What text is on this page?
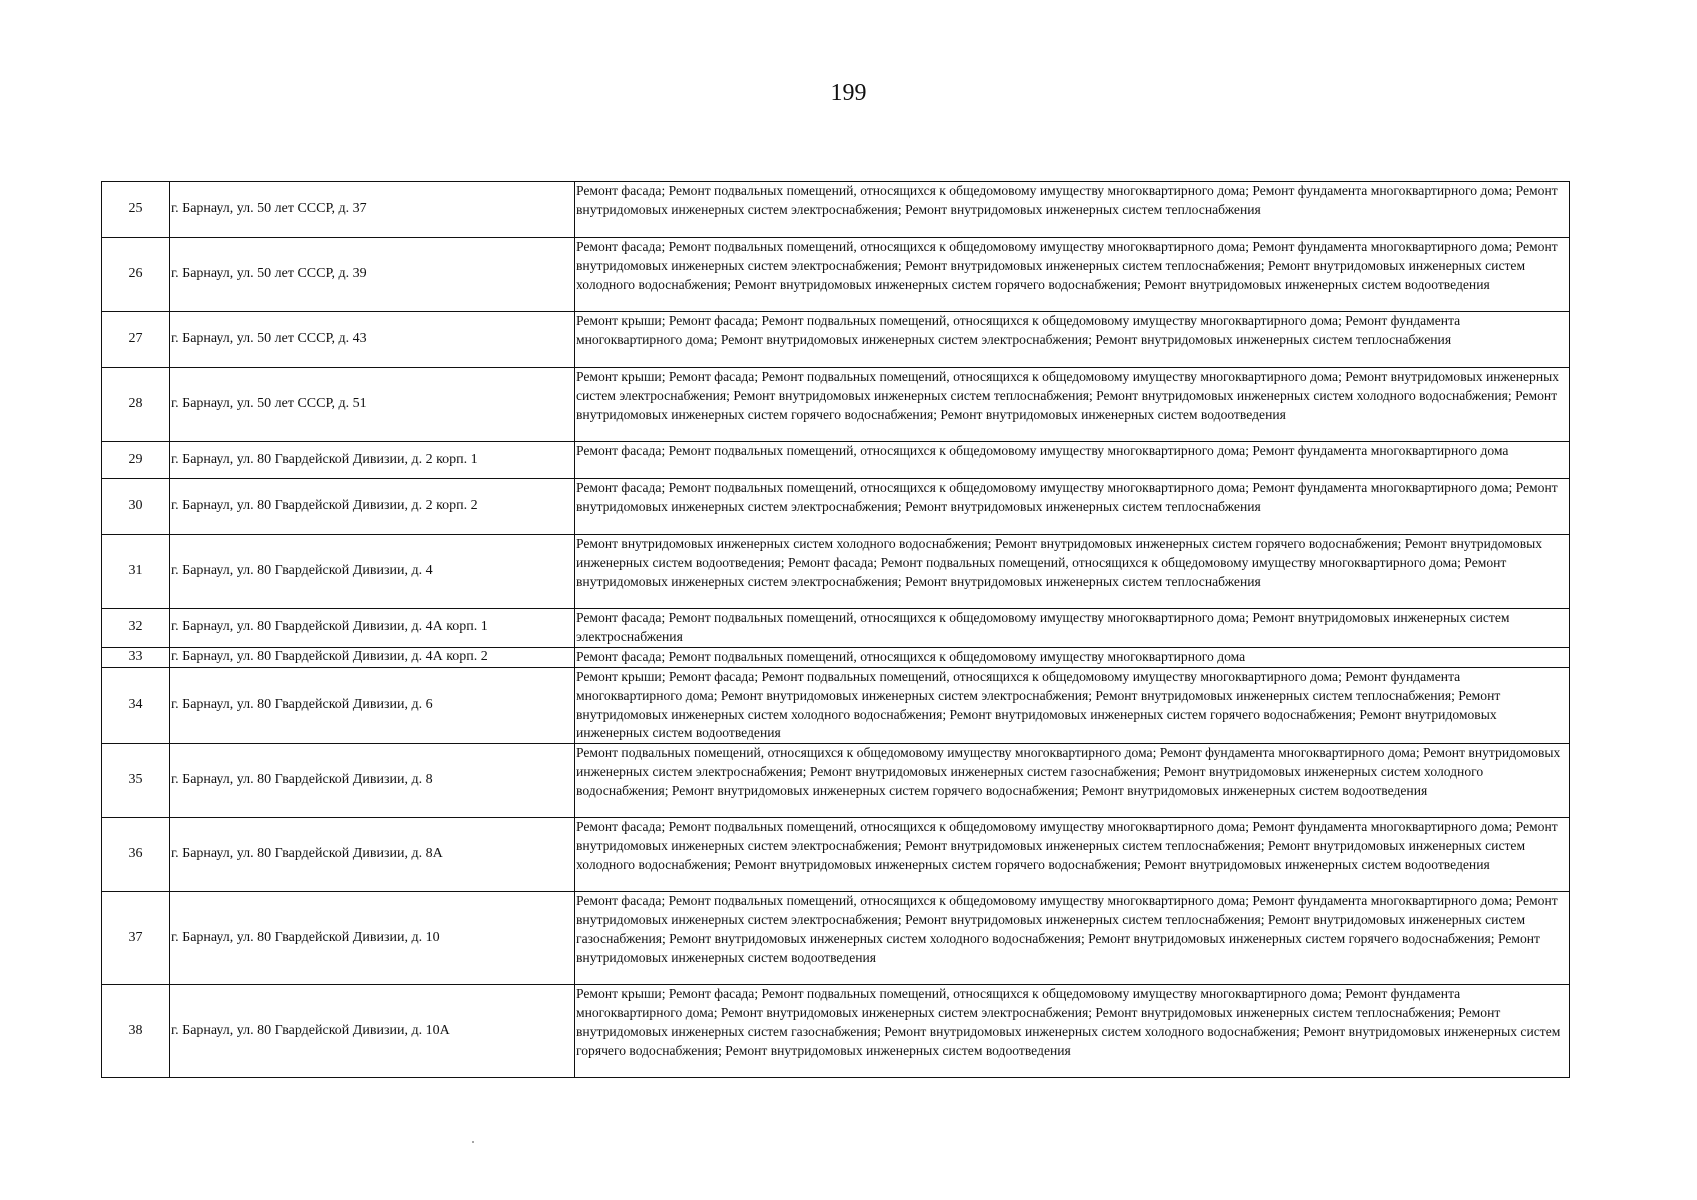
199
25	г. Барнаул, ул. 50 лет СССР, д. 37	Ремонт фасада; Ремонт подвальных помещений, относящихся к общедомовому имуществу многоквартирного дома; Ремонт фундамента многоквартирного дома; Ремонт внутридомовых инженерных систем электроснабжения; Ремонт внутридомовых инженерных систем теплоснабжения
26	г. Барнаул, ул. 50 лет СССР, д. 39	Ремонт фасада; Ремонт подвальных помещений, относящихся к общедомовому имуществу многоквартирного дома; Ремонт фундамента многоквартирного дома; Ремонт внутридомовых инженерных систем электроснабжения; Ремонт внутридомовых инженерных систем теплоснабжения; Ремонт внутридомовых инженерных систем холодного водоснабжения; Ремонт внутридомовых инженерных систем горячего водоснабжения; Ремонт внутридомовых инженерных систем водоотведения
27	г. Барнаул, ул. 50 лет СССР, д. 43	Ремонт крыши; Ремонт фасада; Ремонт подвальных помещений, относящихся к общедомовому имуществу многоквартирного дома; Ремонт фундамента многоквартирного дома; Ремонт внутридомовых инженерных систем электроснабжения; Ремонт внутридомовых инженерных систем теплоснабжения
28	г. Барнаул, ул. 50 лет СССР, д. 51	Ремонт крыши; Ремонт фасада; Ремонт подвальных помещений, относящихся к общедомовому имуществу многоквартирного дома; Ремонт внутридомовых инженерных систем электроснабжения; Ремонт внутридомовых инженерных систем теплоснабжения; Ремонт внутридомовых инженерных систем холодного водоснабжения; Ремонт внутридомовых инженерных систем горячего водоснабжения; Ремонт внутридомовых инженерных систем водоотведения
29	г. Барнаул, ул. 80 Гвардейской Дивизии, д. 2 корп. 1	Ремонт фасада; Ремонт подвальных помещений, относящихся к общедомовому имуществу многоквартирного дома; Ремонт фундамента многоквартирного дома
30	г. Барнаул, ул. 80 Гвардейской Дивизии, д. 2 корп. 2	Ремонт фасада; Ремонт подвальных помещений, относящихся к общедомовому имуществу многоквартирного дома; Ремонт фундамента многоквартирного дома; Ремонт внутридомовых инженерных систем электроснабжения; Ремонт внутридомовых инженерных систем теплоснабжения
31	г. Барнаул, ул. 80 Гвардейской Дивизии, д. 4	Ремонт внутридомовых инженерных систем холодного водоснабжения; Ремонт внутридомовых инженерных систем горячего водоснабжения; Ремонт внутридомовых инженерных систем водоотведения; Ремонт фасада; Ремонт подвальных помещений, относящихся к общедомовому имуществу многоквартирного дома; Ремонт внутридомовых инженерных систем электроснабжения; Ремонт внутридомовых инженерных систем теплоснабжения
32	г. Барнаул, ул. 80 Гвардейской Дивизии, д. 4А корп. 1	Ремонт фасада; Ремонт подвальных помещений, относящихся к общедомовому имуществу многоквартирного дома; Ремонт внутридомовых инженерных систем электроснабжения
33	г. Барнаул, ул. 80 Гвардейской Дивизии, д. 4А корп. 2	Ремонт фасада; Ремонт подвальных помещений, относящихся к общедомовому имуществу многоквартирного дома
34	г. Барнаул, ул. 80 Гвардейской Дивизии, д. 6	Ремонт крыши; Ремонт фасада; Ремонт подвальных помещений, относящихся к общедомовому имуществу многоквартирного дома; Ремонт фундамента многоквартирного дома; Ремонт внутридомовых инженерных систем электроснабжения; Ремонт внутридомовых инженерных систем теплоснабжения; Ремонт внутридомовых инженерных систем холодного водоснабжения; Ремонт внутридомовых инженерных систем горячего водоснабжения; Ремонт внутридомовых инженерных систем водоотведения
35	г. Барнаул, ул. 80 Гвардейской Дивизии, д. 8	Ремонт подвальных помещений, относящихся к общедомовому имуществу многоквартирного дома; Ремонт фундамента многоквартирного дома; Ремонт внутридомовых инженерных систем электроснабжения; Ремонт внутридомовых инженерных систем газоснабжения; Ремонт внутридомовых инженерных систем холодного водоснабжения; Ремонт внутридомовых инженерных систем горячего водоснабжения; Ремонт внутридомовых инженерных систем водоотведения
36	г. Барнаул, ул. 80 Гвардейской Дивизии, д. 8А	Ремонт фасада; Ремонт подвальных помещений, относящихся к общедомовому имуществу многоквартирного дома; Ремонт фундамента многоквартирного дома; Ремонт внутридомовых инженерных систем электроснабжения; Ремонт внутридомовых инженерных систем теплоснабжения; Ремонт внутридомовых инженерных систем холодного водоснабжения; Ремонт внутридомовых инженерных систем горячего водоснабжения; Ремонт внутридомовых инженерных систем водоотведения
37	г. Барнаул, ул. 80 Гвардейской Дивизии, д. 10	Ремонт фасада; Ремонт подвальных помещений, относящихся к общедомовому имуществу многоквартирного дома; Ремонт фундамента многоквартирного дома; Ремонт внутридомовых инженерных систем электроснабжения; Ремонт внутридомовых инженерных систем теплоснабжения; Ремонт внутридомовых инженерных систем газоснабжения; Ремонт внутридомовых инженерных систем холодного водоснабжения; Ремонт внутридомовых инженерных систем горячего водоснабжения; Ремонт внутридомовых инженерных систем водоотведения
38	г. Барнаул, ул. 80 Гвардейской Дивизии, д. 10А	Ремонт крыши; Ремонт фасада; Ремонт подвальных помещений, относящихся к общедомовому имуществу многоквартирного дома; Ремонт фундамента многоквартирного дома; Ремонт внутридомовых инженерных систем электроснабжения; Ремонт внутридомовых инженерных систем теплоснабжения; Ремонт внутридомовых инженерных систем газоснабжения; Ремонт внутридомовых инженерных систем холодного водоснабжения; Ремонт внутридомовых инженерных систем горячего водоснабжения; Ремонт внутридомовых инженерных систем водоотведения
